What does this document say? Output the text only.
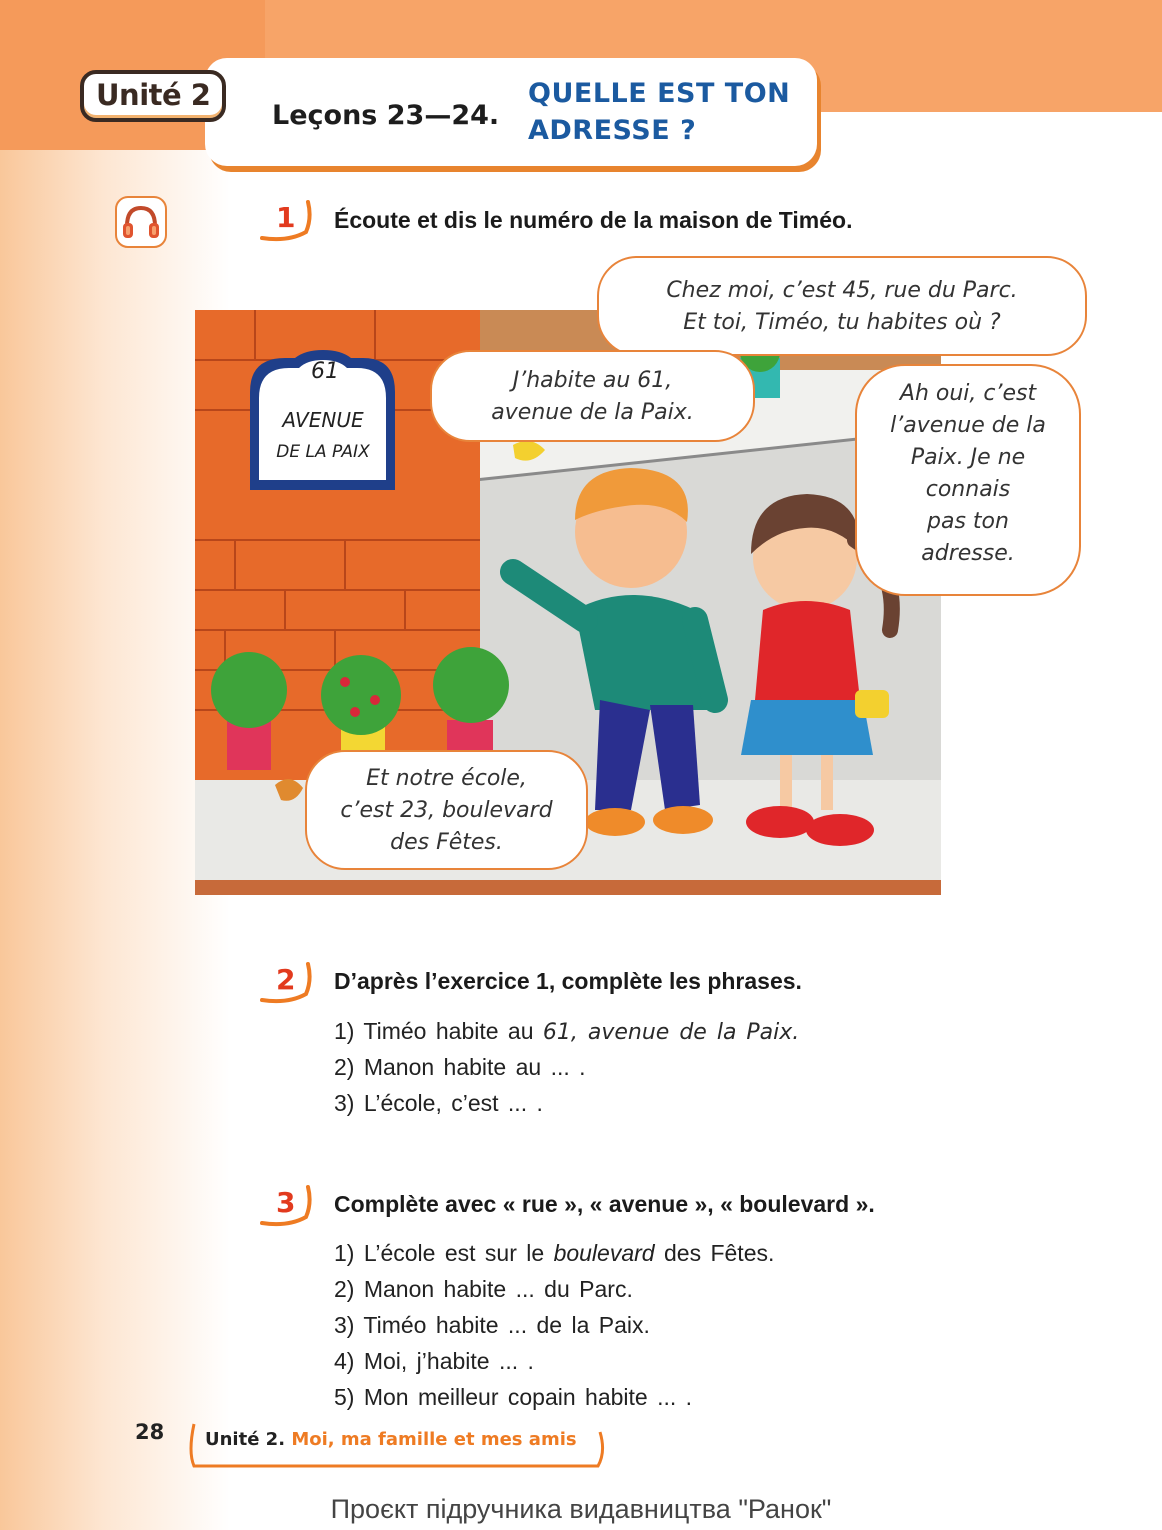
Unité 2
Leçons 23—24.
QUELLE EST TON
ADRESSE ?
1 Écoute et dis le numéro de la maison de Timéo.
61
AVENUE
DE LA PAIX
Chez moi, c’est 45, rue du Parc.
Et toi, Timéo, tu habites où ?
J’habite au 61,
avenue de la Paix.
Ah oui, c’est
l’avenue de la
Paix. Je ne
connais
pas ton
adresse.
Et notre école,
c’est 23, boulevard
des Fêtes.
2 D’après l’exercice 1, complète les phrases.
1) Timéo habite au 61, avenue de la Paix.
2) Manon habite au ... .
3) L’école, c’est ... .
3 Complète avec « rue », « avenue », « boulevard ».
1) L’école est sur le boulevard des Fêtes.
2) Manon habite ... du Parc.
3) Timéo habite ... de la Paix.
4) Moi, j’habite ... .
5) Mon meilleur copain habite ... .
28 Unité 2. Moi, ma famille et mes amis
Проєкт підручника видавництва "Ранок"
